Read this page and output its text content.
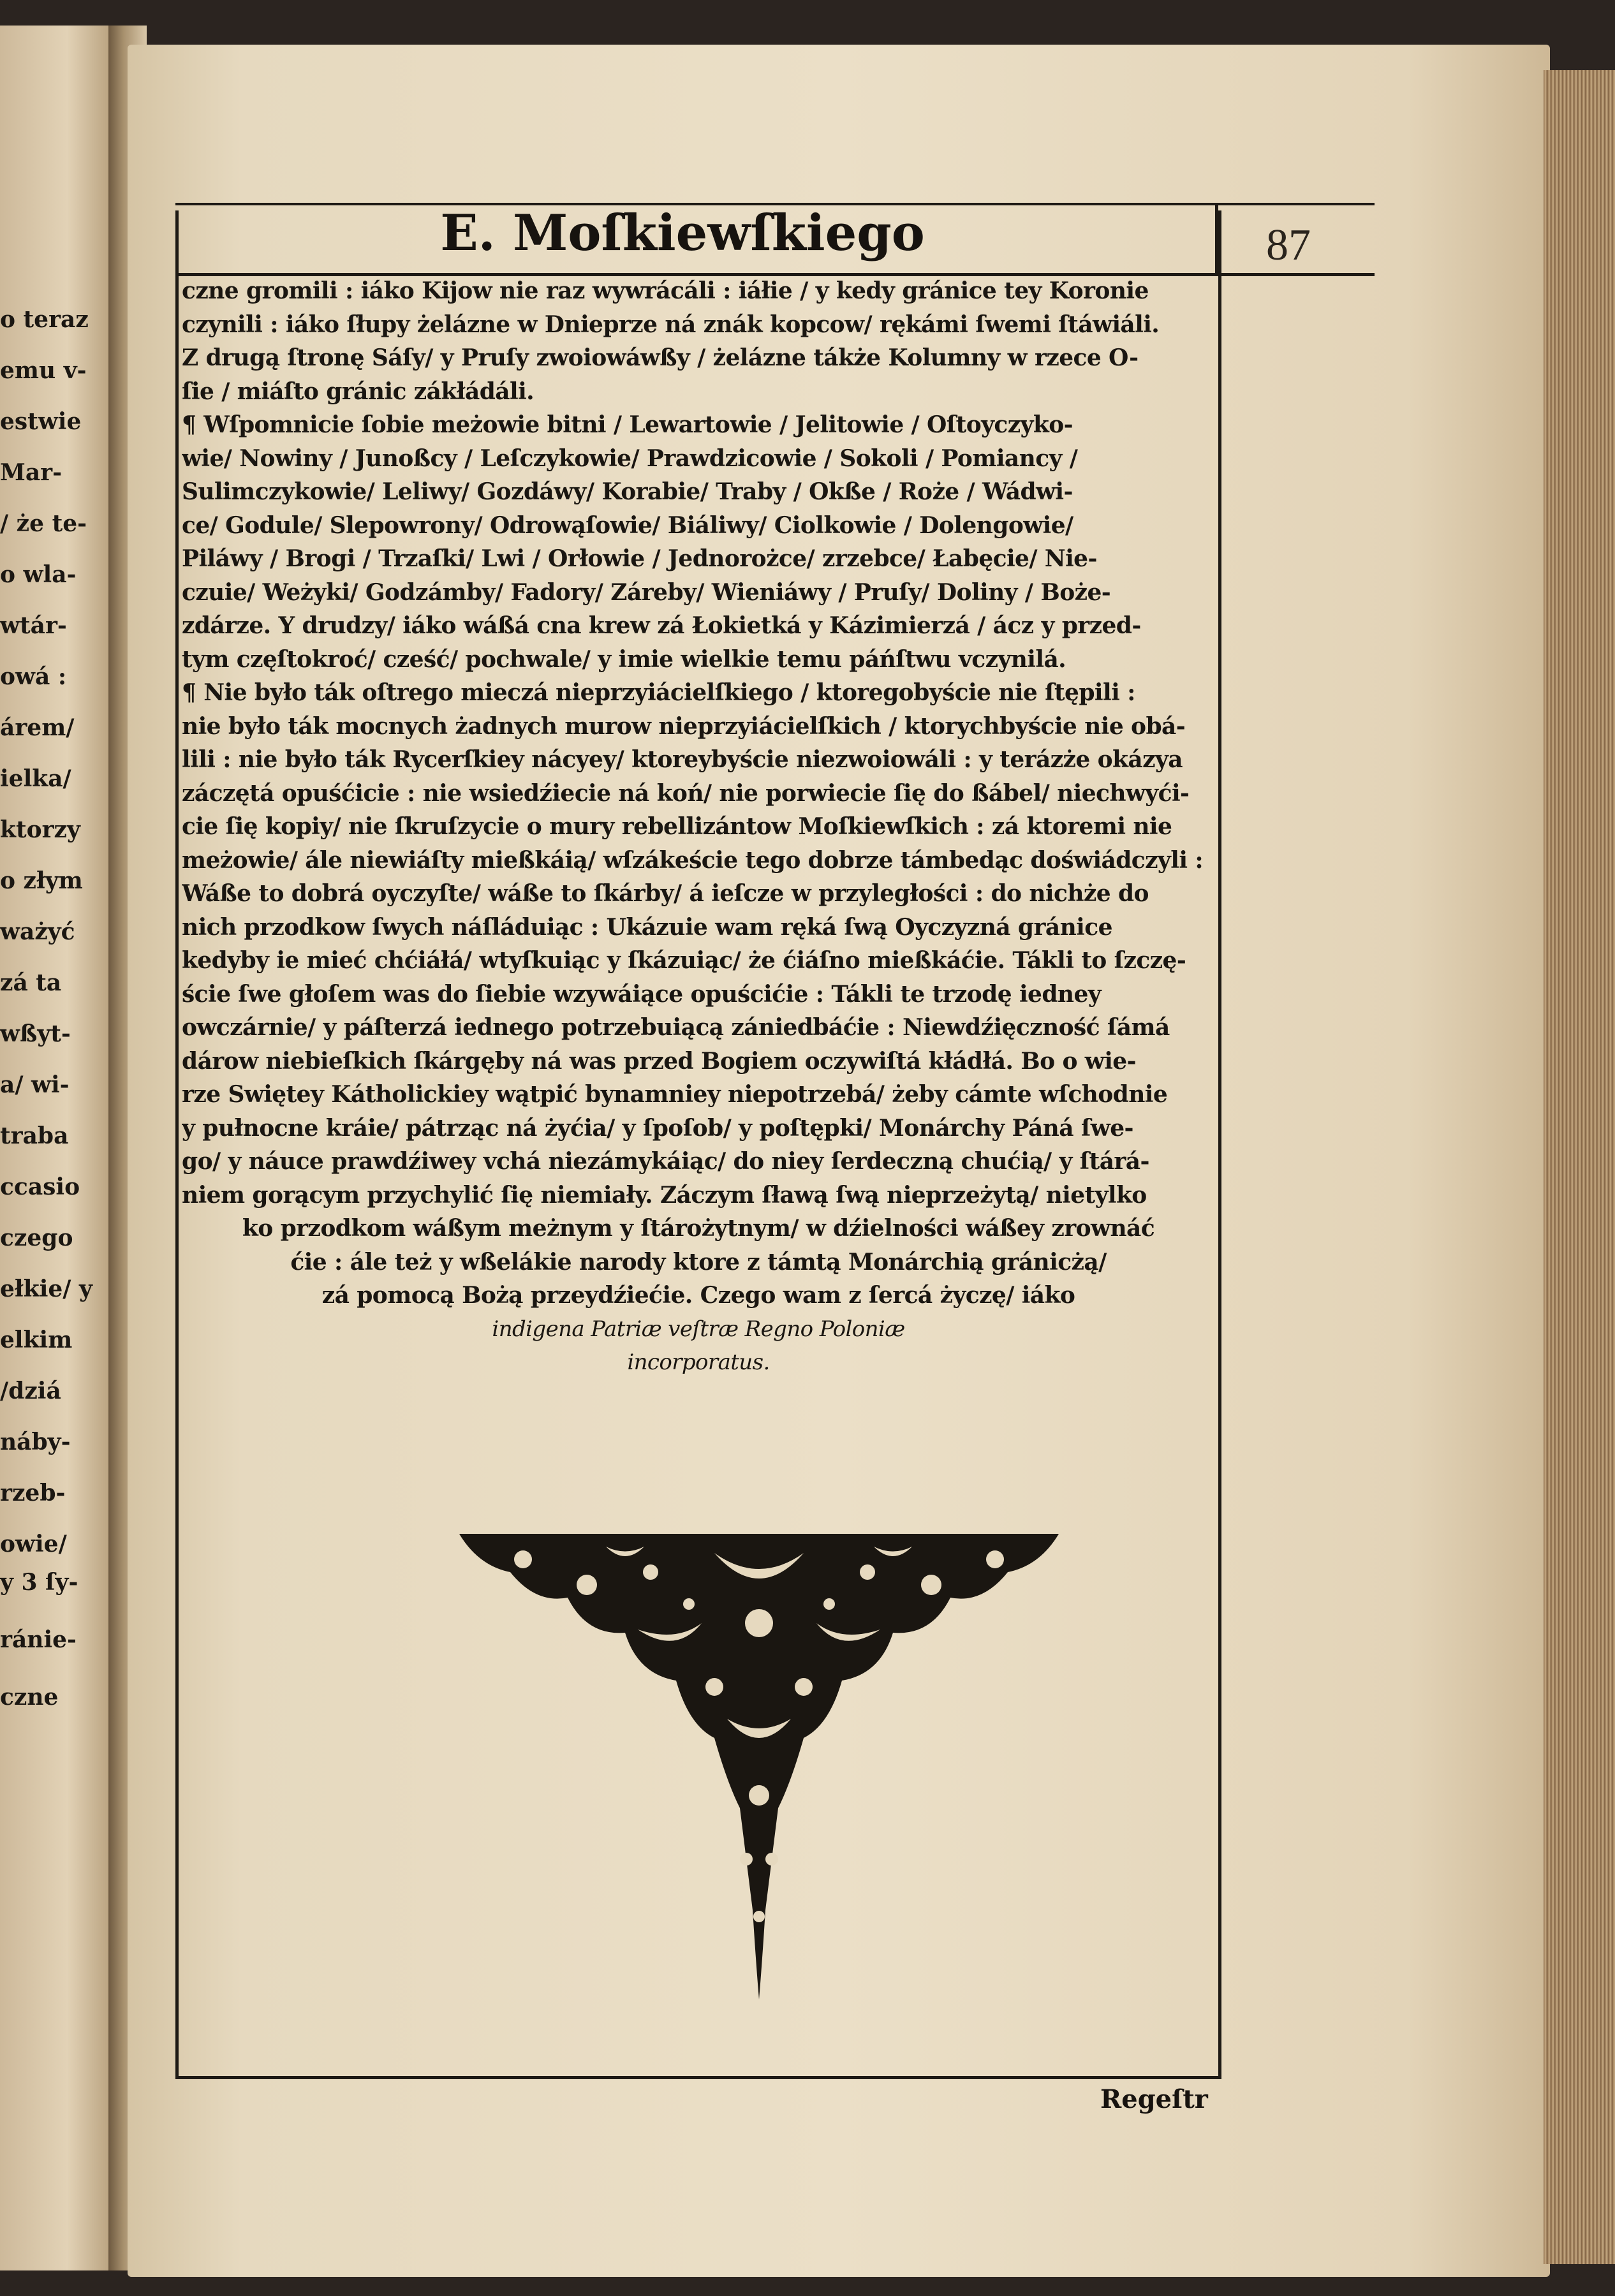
o teraz
emu v-
estwie
Mar-
/ że te-
o wla-
wtár-
owá :
árem/
ielka/
ktorzy
o złym
ważyć
zá ta
wßyt-
a/ wi-
traba
ccasio
czego
ełkie/ y
elkim
/dziá
náby-
rzeb-
owie/
y 3 ſy-
ránie-
czne
E. Moſkiewſkiego	87
czne gromili : iáko Kijow nie raz wywrácáli : iáłie / y kedy gránice tey Koronie
czynili : iáko ſłupy żelázne w Dnieprze ná znák kopcow/ rękámi ſwemi ſtáwiáli.
Z drugą ſtronę Sáſy/ y Pruſy zwoiowáwßy / żelázne tákże Kolumny w rzece O-
ſie / miáſto gránic zákłádáli.
¶ Wſpomnicie ſobie meżowie bitni / Lewartowie / Jelitowie / Oſtoyczyko-
wie/ Nowiny / Junoßcy / Leſczykowie/ Prawdzicowie / Sokoli / Pomiancy /
Sulimczykowie/ Leliwy/ Gozdáwy/ Korabie/ Traby / Okße / Roże / Wádwi-
ce/ Godule/ Slepowrony/ Odrowąſowie/ Biáliwy/ Ciolkowie / Dolengowie/
Piláwy / Brogi / Trzaſki/ Lwi / Orłowie / Jednorożce/ zrzebce/ Łabęcie/ Nie-
czuie/ Weżyki/ Godzámby/ Fadory/ Záreby/ Wieniáwy / Pruſy/ Doliny / Boże-
zdárze. Y drudzy/ iáko wáßá cna krew zá Łokietká y Kázimierzá / ácz y przed-
tym częſtokroć/ cześć/ pochwale/ y imie wielkie temu páńſtwu vczynilá.
¶ Nie było ták oſtrego mieczá nieprzyiácielſkiego / ktoregobyście nie ſtępili :
nie było ták mocnych żadnych murow nieprzyiácielſkich / ktorychbyście nie obá-
lili : nie było ták Rycerſkiey nácyey/ ktoreybyście niezwoiowáli : y terázże okázya
záczętá opuśćicie : nie wsiedźiecie ná koń/ nie porwiecie ſię do ßábel/ niechwyći-
cie ſię kopiy/ nie ſkruſzycie o mury rebellizántow Moſkiewſkich : zá ktoremi nie
meżowie/ ále niewiáſty mießkáią/ wſzákeście tego dobrze támbedąc doświádczyli :
Wáße to dobrá oyczyſte/ wáße to ſkárby/ á ieſcze w przyległości : do nichże do
nich przodkow ſwych náſláduiąc : Ukázuie wam ręká ſwą Oyczyzná gránice
kedyby ie mieć chćiáłá/ wtyſkuiąc y ſkázuiąc/ że ćiáſno mießkáćie. Tákli to ſzczę-
ście ſwe głoſem was do ſiebie wzywáiące opuścićie : Tákli te trzodę iedney
owczárnie/ y páſterzá iednego potrzebuiącą zániedbáćie : Niewdźięczność ſámá
dárow niebieſkich ſkárgęby ná was przed Bogiem oczywiſtá kłádłá. Bo o wie-
rze Swiętey Kátholickiey wątpić bynamniey niepotrzebá/ żeby cámte wſchodnie
y pułnocne kráie/ pátrząc ná żyćia/ y ſpoſob/ y poſtępki/ Monárchy Páná ſwe-
go/ y náuce prawdźiwey vchá niezámykáiąc/ do niey ſerdeczną chućią/ y ſtárá-
niem gorącym przychylić ſię niemiały. Záczym ſławą ſwą nieprzeżytą/ nietylko
ko przodkom wáßym meżnym y ſtárożytnym/ w dźielności wáßey zrownáć
ćie : ále też y wßelákie narody ktore z támtą Monárchią gránicżą/
zá pomocą Bożą przeydźiećie. Czego wam z ſercá życzę/ iáko
indigena Patriæ veſtræ Regno Poloniæ
incorporatus.
Regeſtr
